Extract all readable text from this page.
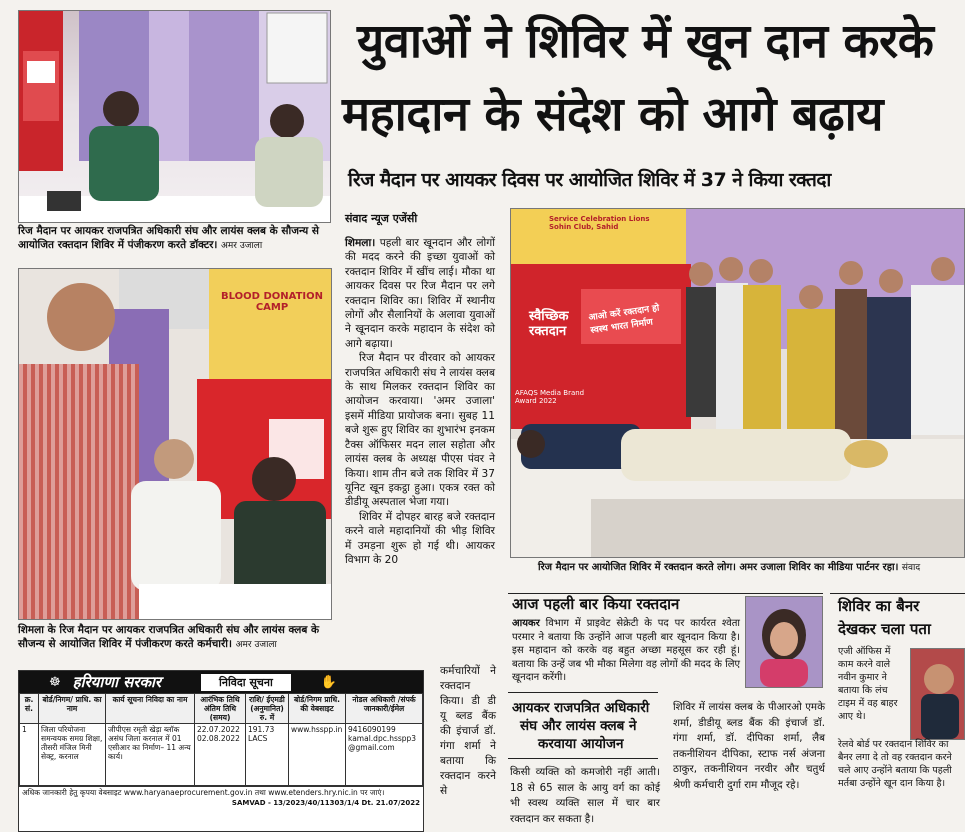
युवाओं ने शिविर में खून दान करके
महादान के संदेश को आगे बढ़ाय
रिज मैदान पर आयकर दिवस पर आयोजित शिविर में 37 ने किया रक्तदा
रिज मैदान पर आयकर राजपत्रित अधिकारी संघ और लायंस क्लब के सौजन्य से आयोजित रक्तदान शिविर में पंजीकरण करते डॉक्टर। अमर उजाला
BLOOD DONATION CAMP
शिमला के रिज मैदान पर आयकर राजपत्रित अधिकारी संघ और लायंस क्लब के सौजन्य से आयोजित शिविर में पंजीकरण करते कर्मचारी। अमर उजाला
☸ हरियाणा सरकार	निविदा सूचना	✋
क्र. सं.	बोर्ड/निगम/ प्राधि. का नाम	कार्य सूचना निविदा का नाम	आरंभिक तिथि अंतिम तिथि (समय)	राशि/ ईएमडी (अनुमानित) रु. में	बोर्ड/निगम प्राधि. की वेबसाइट	नोडल अधिकारी /संपर्क जानकारी/ईमेल
1	जिला परियोजना समन्वयक समग्र शिक्षा, तीसरी मंजिल मिनी सेक्ट्र, करनाल	जीपीएस रमृती खेड़ा ब्लॉक असंध जिला करनाल में 01 एसीआर का निर्माण– 11 अन्य कार्य।	22.07.2022 02.08.2022	191.73 LACS	www.hsspp.in	9416090199 kamal.dpc.hsspp3 @gmail.com
अधिक जानकारी हेतु कृपया वेबसाइट www.haryanaeprocurement.gov.in तथा www.etenders.hry.nic.in पर जाएं।
SAMVAD - 13/2023/40/11303/1/4 Dt. 21.07/2022
संवाद न्यूज एजेंसी

शिमला। पहली बार खूनदान और लोगों की मदद करने की इच्छा युवाओं को रक्तदान शिविर में खींच लाई। मौका था आयकर दिवस पर रिज मैदान पर लगे रक्तदान शिविर का। शिविर में स्थानीय लोगों और सैलानियों के अलावा युवाओं ने खूनदान करके महादान के संदेश को आगे बढ़ाया।

रिज मैदान पर वीरवार को आयकर राजपत्रित अधिकारी संघ ने लायंस क्लब के साथ मिलकर रक्तदान शिविर का आयोजन करवाया। 'अमर उजाला' इसमें मीडिया प्रायोजक बना। सुबह 11 बजे शुरू हुए शिविर का शुभारंभ इनकम टैक्स ऑफिसर मदन लाल सहोता और लायंस क्लब के अध्यक्ष पीएस पंवर ने किया। शाम तीन बजे तक शिविर में 37 यूनिट खून इकट्ठा हुआ। एकत्र रक्त को डीडीयू अस्पताल भेजा गया।

शिविर में दोपहर बारह बजे रक्तदान करने वाले महादानियों की भीड़ शिविर में उमड़ना शुरू हो गई थी। आयकर विभाग के 20

कर्मचारियों ने रक्तदान किया। डी डी यू ब्लड बैंक की इंचार्ज डॉ. गंगा शर्मा ने बताया कि रक्तदान करने से
स्वैच्छिक रक्तदान
Service Celebration Lions Sohin Club, Sahid
AFAQS Media Brand Award 2022
आओ करें रक्तदान हो स्वस्थ भारत निर्माण
रिज मैदान पर आयोजित शिविर में रक्तदान करते लोग। अमर उजाला शिविर का मीडिया पार्टनर रहा। संवाद
आज पहली बार किया रक्तदान

आयकर विभाग में प्राइवेट सेक्रेटी के पद पर कार्यरत श्वेता परमार ने बताया कि उन्होंने आज पहली बार खूनदान किया है। इस महादान को करके वह बहुत अच्छा महसूस कर रही हूं। बताया कि उन्हें जब भी मौका मिलेगा वह लोगों की मदद के लिए खूनदान करेंगी।

शिविर का बैनर
देखकर चला पता
एजी ऑफिस में काम करने वाले नवीन कुमार ने बताया कि लंच टाइम में वह बाहर आए थे।
रेलवे बोर्ड पर रक्तदान शिविर का बैनर लगा दे तो वह रक्तदान करने चले आए उन्होंने बताया कि पहली मर्तबा उन्होंने खून दान किया है।
आयकर राजपत्रित अधिकारी
संघ और लायंस क्लब ने
करवाया आयोजन
किसी व्यक्ति को कमजोरी नहीं आती। 18 से 65 साल के आयु वर्ग का कोई भी स्वस्थ व्यक्ति साल में चार बार रक्तदान कर सकता है।
शिविर में लायंस क्लब के पीआरओ एमके शर्मा, डीडीयू ब्लड बैंक की इंचार्ज डॉ. गंगा शर्मा, डॉ. दीपिका शर्मा, लैब तकनीशियन दीपिका, स्टाफ नर्स अंजना ठाकुर, तकनीशियन नरवीर और चतुर्थ श्रेणी कर्मचारी दुर्गा राम मौजूद रहे।
